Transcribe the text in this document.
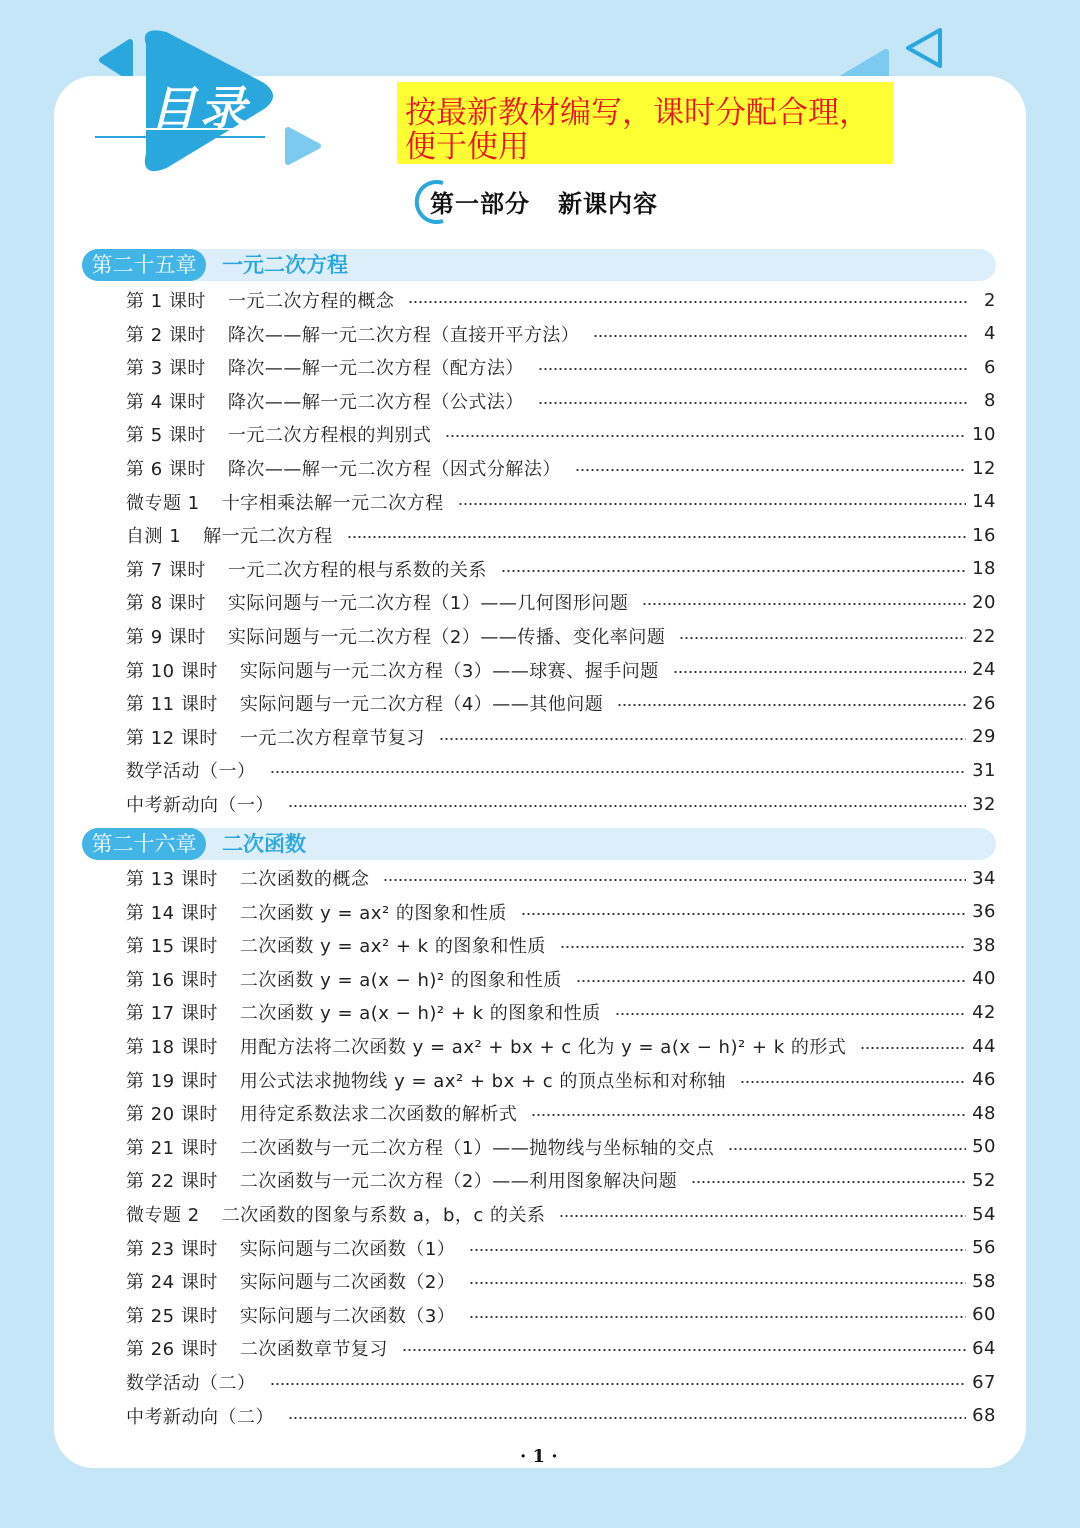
目录	按最新教材编写，课时分配合理，便于使用
第一部分 新课内容
第二十五章	一元二次方程
第 1 课时 一元二次方程的概念	2
第 2 课时 降次——解一元二次方程（直接开平方法）	4
第 3 课时 降次——解一元二次方程（配方法）	6
第 4 课时 降次——解一元二次方程（公式法）	8
第 5 课时 一元二次方程根的判别式	10
第 6 课时 降次——解一元二次方程（因式分解法）	12
微专题 1 十字相乘法解一元二次方程	14
自测 1 解一元二次方程	16
第 7 课时 一元二次方程的根与系数的关系	18
第 8 课时 实际问题与一元二次方程（1）——几何图形问题	20
第 9 课时 实际问题与一元二次方程（2）——传播、变化率问题	22
第 10 课时 实际问题与一元二次方程（3）——球赛、握手问题	24
第 11 课时 实际问题与一元二次方程（4）——其他问题	26
第 12 课时 一元二次方程章节复习	29
数学活动（一）	31
中考新动向（一）	32
第二十六章	二次函数
第 13 课时 二次函数的概念	34
第 14 课时 二次函数 y = ax² 的图象和性质	36
第 15 课时 二次函数 y = ax² + k 的图象和性质	38
第 16 课时 二次函数 y = a(x − h)² 的图象和性质	40
第 17 课时 二次函数 y = a(x − h)² + k 的图象和性质	42
第 18 课时 用配方法将二次函数 y = ax² + bx + c 化为 y = a(x − h)² + k 的形式	44
第 19 课时 用公式法求抛物线 y = ax² + bx + c 的顶点坐标和对称轴	46
第 20 课时 用待定系数法求二次函数的解析式	48
第 21 课时 二次函数与一元二次方程（1）——抛物线与坐标轴的交点	50
第 22 课时 二次函数与一元二次方程（2）——利用图象解决问题	52
微专题 2 二次函数的图象与系数 a，b，c 的关系	54
第 23 课时 实际问题与二次函数（1）	56
第 24 课时 实际问题与二次函数（2）	58
第 25 课时 实际问题与二次函数（3）	60
第 26 课时 二次函数章节复习	64
数学活动（二）	67
中考新动向（二）	68
· 1 ·
